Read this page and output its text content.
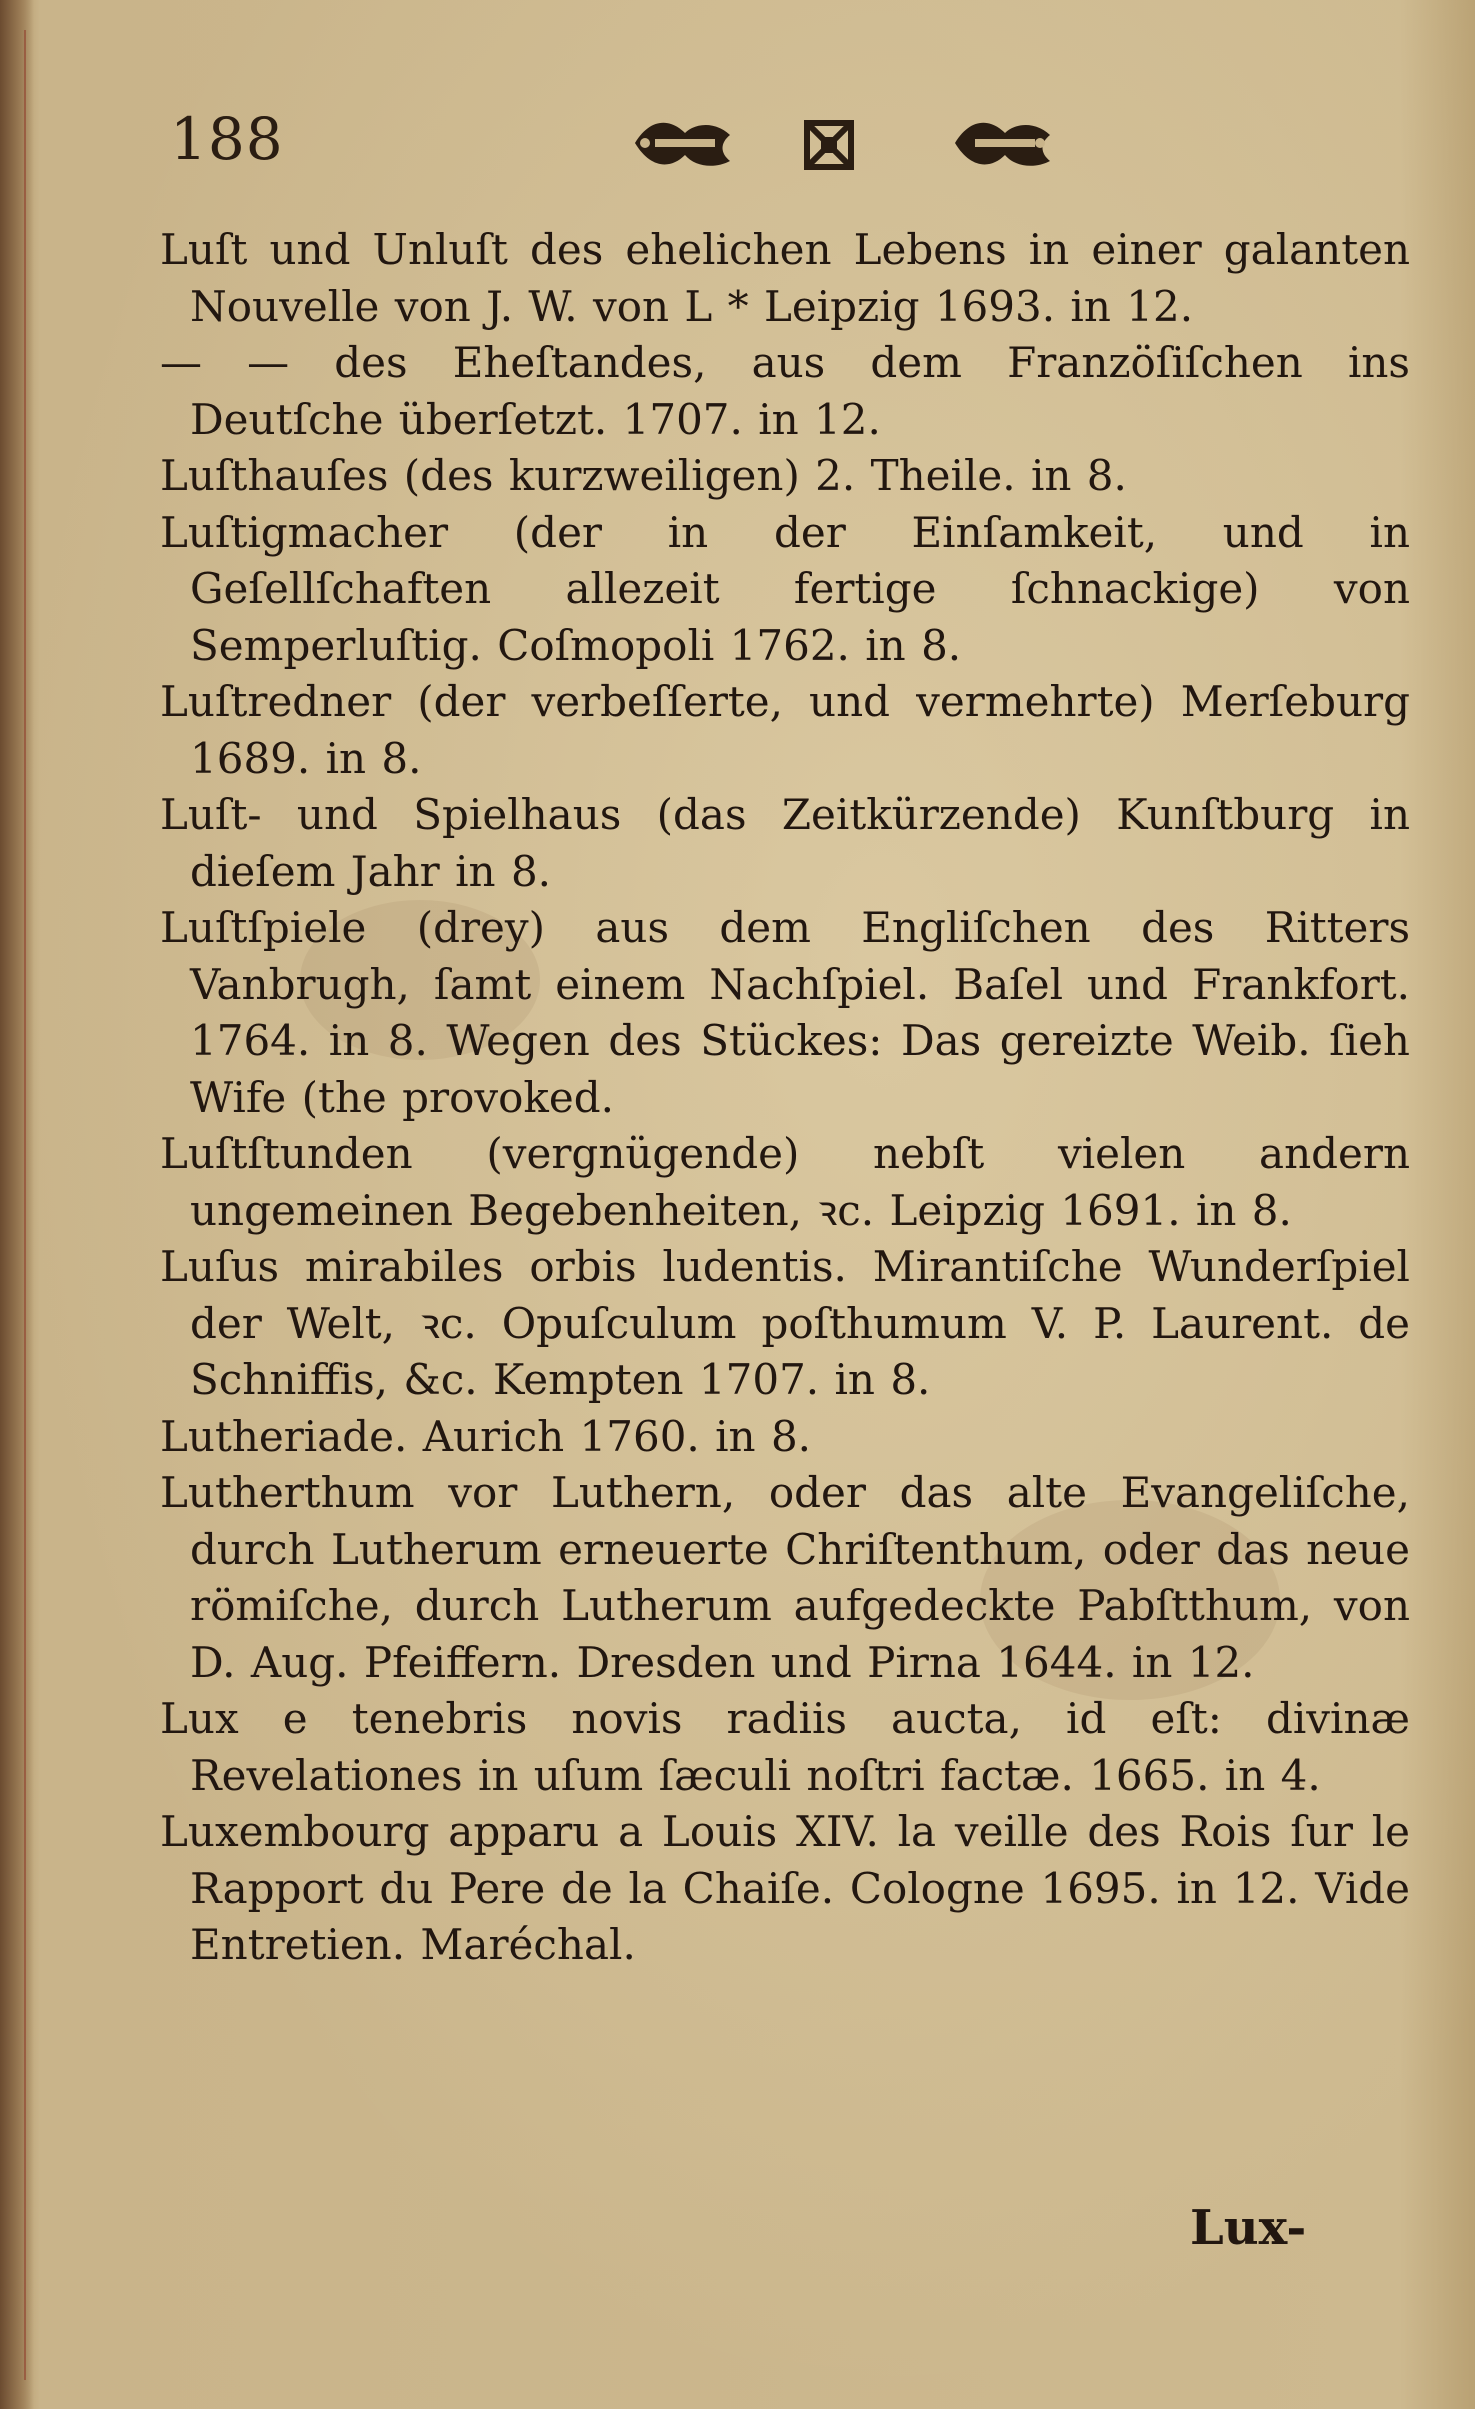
188

Luſt und Unluſt des ehelichen Lebens in einer galanten Nouvelle von J. W. von L * Leipzig 1693. in 12.

— — des Eheſtandes, aus dem Franzöſiſchen ins Deutſche überſetzt. 1707. in 12.

Luſthauſes (des kurzweiligen) 2. Theile. in 8.

Luſtigmacher (der in der Einſamkeit, und in Geſellſchaften allezeit fertige ſchnackige) von Semperluſtig. Coſmopoli 1762. in 8.

Luſtredner (der verbeſſerte, und vermehrte) Merſeburg 1689. in 8.

Luſt- und Spielhaus (das Zeitkürzende) Kunſtburg in dieſem Jahr in 8.

Luſtſpiele (drey) aus dem Engliſchen des Ritters Vanbrugh, ſamt einem Nachſpiel. Baſel und Frankfort. 1764. in 8. Wegen des Stückes: Das gereizte Weib. ſieh Wife (the provoked.

Luſtſtunden (vergnügende) nebſt vielen andern ungemeinen Begebenheiten, ꝛc. Leipzig 1691. in 8.

Luſus mirabiles orbis ludentis. Mirantiſche Wunderſpiel der Welt, ꝛc. Opuſculum poſthumum V. P. Laurent. de Schniffis, &c. Kempten 1707. in 8.

Lutheriade. Aurich 1760. in 8.

Lutherthum vor Luthern, oder das alte Evangeliſche, durch Lutherum erneuerte Chriſtenthum, oder das neue römiſche, durch Lutherum aufgedeckte Pabſtthum, von D. Aug. Pfeiffern. Dresden und Pirna 1644. in 12.

Lux e tenebris novis radiis aucta, id eſt: divinæ Revelationes in uſum ſæculi noſtri factæ. 1665. in 4.

Luxembourg apparu a Louis XIV. la veille des Rois ſur le Rapport du Pere de la Chaiſe. Cologne 1695. in 12. Vide Entretien. Maréchal.

Lux-
